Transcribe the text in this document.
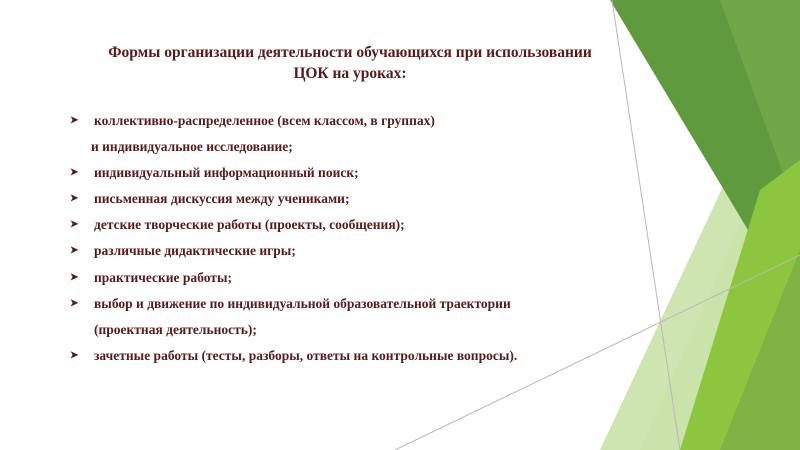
Формы организации деятельности обучающихся при использовании
ЦОК на уроках:
➤ коллективно-распределенное (всем классом, в группах)
и индивидуальное исследование;
➤ индивидуальный информационный поиск;
➤ письменная дискуссия между учениками;
➤ детские творческие работы (проекты, сообщения);
➤ различные дидактические игры;
➤ практические работы;
➤ выбор и движение по индивидуальной образовательной траектории
(проектная деятельность);
➤ зачетные работы (тесты, разборы, ответы на контрольные вопросы).
